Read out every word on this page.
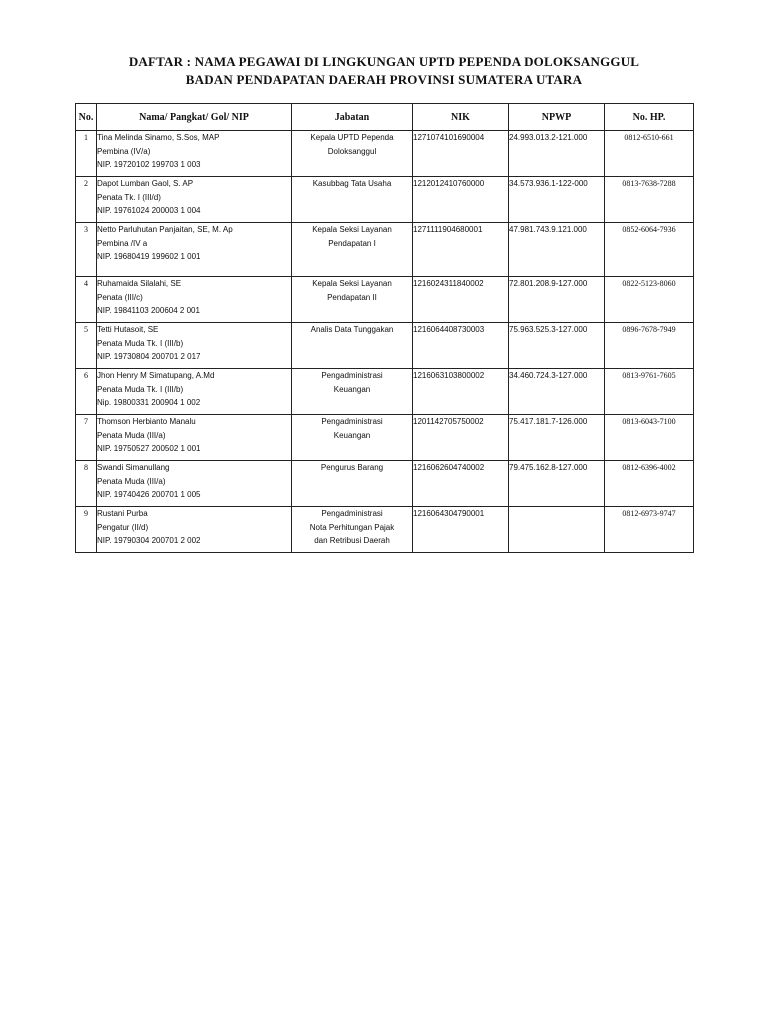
DAFTAR : NAMA PEGAWAI DI LINGKUNGAN UPTD PEPENDA DOLOKSANGGUL
BADAN PENDAPATAN DAERAH PROVINSI SUMATERA UTARA
No.	Nama/ Pangkat/ Gol/ NIP	Jabatan	NIK	NPWP	No. HP.
1	Tina Melinda Sinamo, S.Sos, MAP
Pembina (IV/a)
NIP. 19720102 199703 1 003	Kepala UPTD Pependa
Doloksanggul	1271074101690004	24.993.013.2-121.000	0812-6510-661
2	Dapot Lumban Gaol, S. AP
Penata Tk. I (III/d)
NIP. 19761024 200003 1 004	Kasubbag Tata Usaha	1212012410760000	34.573.936.1-122-000	0813-7638-7288
3	Netto Parluhutan Panjaitan, SE, M. Ap
Pembina /IV a
NIP. 19680419 199602 1 001	Kepala Seksi Layanan
Pendapatan I	1271111904680001	47.981.743.9.121.000	0852-6064-7936
4	Ruhamaida Silalahi, SE
Penata (III/c)
NIP. 19841103 200604 2 001	Kepala Seksi Layanan
Pendapatan II	1216024311840002	72.801.208.9-127.000	0822-5123-8060
5	Tetti Hutasoit, SE
Penata Muda Tk. I (III/b)
NIP. 19730804 200701 2 017	Analis Data Tunggakan	1216064408730003	75.963.525.3-127.000	0896-7678-7949
6	Jhon Henry M Simatupang, A.Md
Penata Muda Tk. I (III/b)
Nip. 19800331 200904 1 002	Pengadministrasi
Keuangan	1216063103800002	34.460.724.3-127.000	0813-9761-7605
7	Thomson Herbianto Manalu
Penata Muda (III/a)
NIP. 19750527 200502 1 001	Pengadministrasi
Keuangan	1201142705750002	75.417.181.7-126.000	0813-6043-7100
8	Swandi Simanullang
Penata Muda (III/a)
NIP. 19740426 200701 1 005	Pengurus Barang	1216062604740002	79.475.162.8-127.000	0812-6396-4002
9	Rustani Purba
Pengatur (II/d)
NIP. 19790304 200701 2 002	Pengadministrasi
Nota Perhitungan Pajak
dan Retribusi Daerah	1216064304790001		0812-6973-9747
